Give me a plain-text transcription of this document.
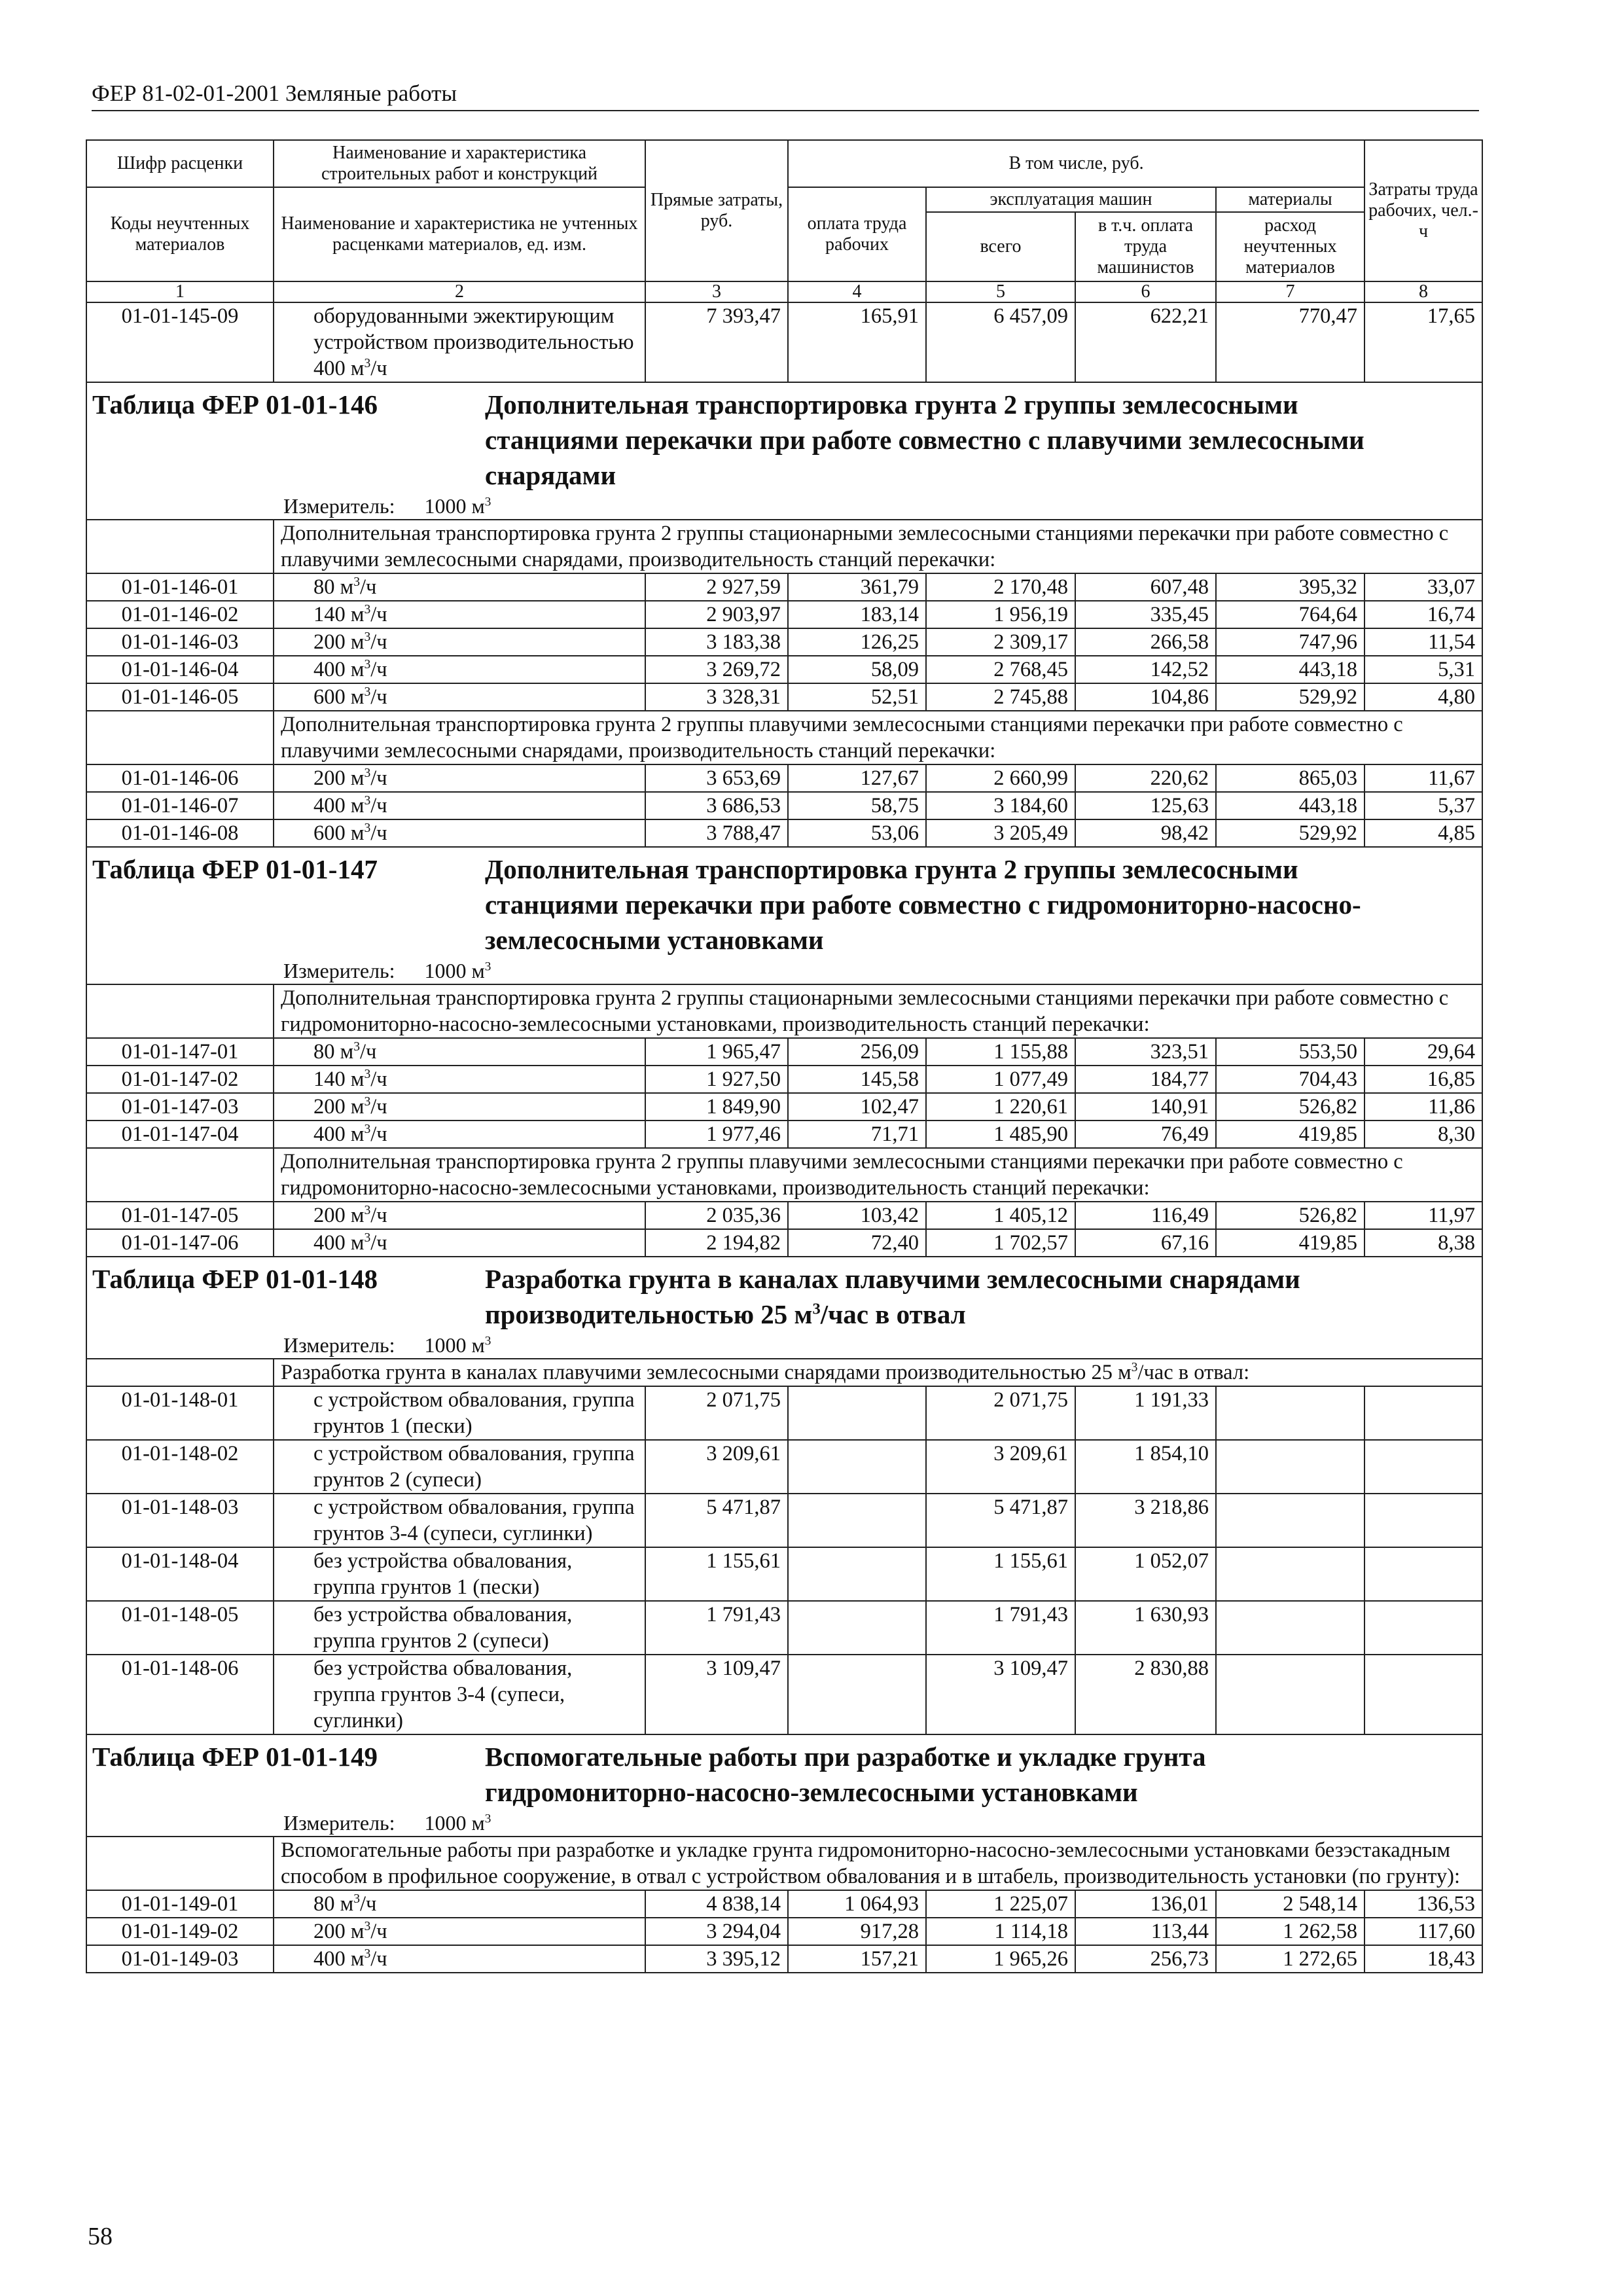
ФЕР 81-02-01-2001 Земляные работы
Шифр расценки	Наименование и характеристика строительных работ и конструкций	Прямые затраты, руб.	В том числе, руб.				Затраты труда рабочих, чел.-ч
Коды неучтенных материалов	Наименование и характеристика не учтенных расценками материалов, ед. изм.		оплата труда рабочих	эксплуатация машин		материалы	
				всего	в т.ч. оплата труда машинистов	расход неучтенных материалов	
1	2	3	4	5	6	7	8
01-01-145-09	оборудованными эжектирующим устройством производительностью 400 $м^3/ч$	7 393,47	165,91	6 457,09	622,21	770,47	17,65
Таблица ФЕР 01-01-146 Дополнительная транспортировка грунта 2 группы землесосными станциями перекачки при работе совместно с плавучими землесосными снарядами							
Измеритель: 1000 $м^3$
	Дополнительная транспортировка грунта 2 группы стационарными землесосными станциями перекачки при работе совместно с плавучими землесосными снарядами, производительность станций перекачки:						
01-01-146-01	80 $м^3/ч$	2 927,59	361,79	2 170,48	607,48	395,32	33,07
01-01-146-02	140 $м^3/ч$	2 903,97	183,14	1 956,19	335,45	764,64	16,74
01-01-146-03	200 $м^3/ч$	3 183,38	126,25	2 309,17	266,58	747,96	11,54
01-01-146-04	400 $м^3/ч$	3 269,72	58,09	2 768,45	142,52	443,18	5,31
01-01-146-05	600 $м^3/ч$	3 328,31	52,51	2 745,88	104,86	529,92	4,80
	Дополнительная транспортировка грунта 2 группы плавучими землесосными станциями перекачки при работе совместно с плавучими землесосными снарядами, производительность станций перекачки:						
01-01-146-06	200 $м^3/ч$	3 653,69	127,67	2 660,99	220,62	865,03	11,67
01-01-146-07	400 $м^3/ч$	3 686,53	58,75	3 184,60	125,63	443,18	5,37
01-01-146-08	600 $м^3/ч$	3 788,47	53,06	3 205,49	98,42	529,92	4,85
Таблица ФЕР 01-01-147 Дополнительная транспортировка грунта 2 группы землесосными станциями перекачки при работе совместно с гидромониторно-насосно-землесосными установками							
Измеритель: 1000 $м^3$
	Дополнительная транспортировка грунта 2 группы стационарными землесосными станциями перекачки при работе совместно с гидромониторно-насосно-землесосными установками, производительность станций перекачки:						
01-01-147-01	80 $м^3/ч$	1 965,47	256,09	1 155,88	323,51	553,50	29,64
01-01-147-02	140 $м^3/ч$	1 927,50	145,58	1 077,49	184,77	704,43	16,85
01-01-147-03	200 $м^3/ч$	1 849,90	102,47	1 220,61	140,91	526,82	11,86
01-01-147-04	400 $м^3/ч$	1 977,46	71,71	1 485,90	76,49	419,85	8,30
	Дополнительная транспортировка грунта 2 группы плавучими землесосными станциями перекачки при работе совместно с гидромониторно-насосно-землесосными установками, производительность станций перекачки:						
01-01-147-05	200 $м^3/ч$	2 035,36	103,42	1 405,12	116,49	526,82	11,97
01-01-147-06	400 $м^3/ч$	2 194,82	72,40	1 702,57	67,16	419,85	8,38
Таблица ФЕР 01-01-148 Разработка грунта в каналах плавучими землесосными снарядами производительностью 25 $м^3$/час в отвал							
Измеритель: 1000 $м^3$
	Разработка грунта в каналах плавучими землесосными снарядами производительностью 25 $м^3$/час в отвал:						
01-01-148-01	с устройством обвалования, группа грунтов 1 (пески)	2 071,75		2 071,75	1 191,33		
01-01-148-02	с устройством обвалования, группа грунтов 2 (супеси)	3 209,61		3 209,61	1 854,10		
01-01-148-03	с устройством обвалования, группа грунтов 3-4 (супеси, суглинки)	5 471,87		5 471,87	3 218,86		
01-01-148-04	без устройства обвалования, группа грунтов 1 (пески)	1 155,61		1 155,61	1 052,07		
01-01-148-05	без устройства обвалования, группа грунтов 2 (супеси)	1 791,43		1 791,43	1 630,93		
01-01-148-06	без устройства обвалования, группа грунтов 3-4 (супеси, суглинки)	3 109,47		3 109,47	2 830,88		
Таблица ФЕР 01-01-149 Вспомогательные работы при разработке и укладке грунта гидромониторно-насосно-землесосными установками							
Измеритель: 1000 $м^3$
	Вспомогательные работы при разработке и укладке грунта гидромониторно-насосно-землесосными установками безэстакадным способом в профильное сооружение, в отвал с устройством обвалования и в штабель, производительность установки (по грунту):						
01-01-149-01	80 $м^3/ч$	4 838,14	1 064,93	1 225,07	136,01	2 548,14	136,53
01-01-149-02	200 $м^3/ч$	3 294,04	917,28	1 114,18	113,44	1 262,58	117,60
01-01-149-03	400 $м^3/ч$	3 395,12	157,21	1 965,26	256,73	1 272,65	18,43
58
